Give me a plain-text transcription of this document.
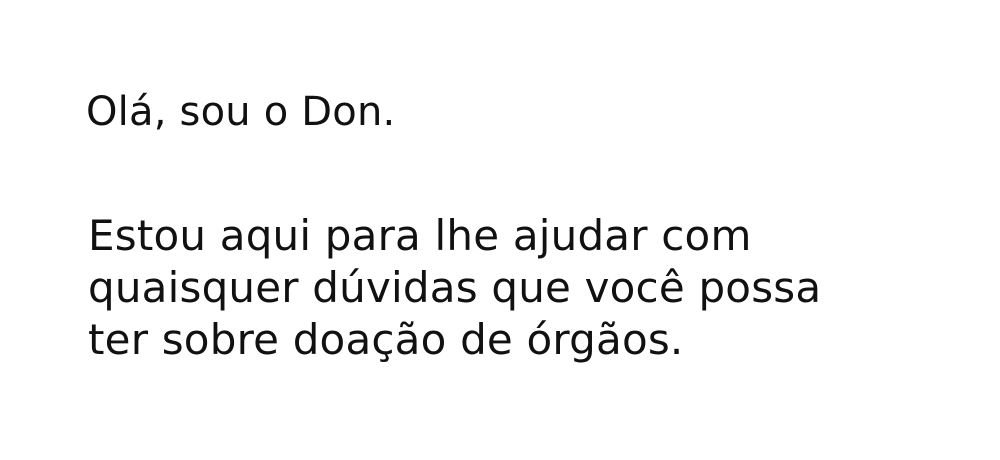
Olá, sou o Don.

Estou aqui para lhe ajudar com
quaisquer dúvidas que você possa
ter sobre doação de órgãos.
